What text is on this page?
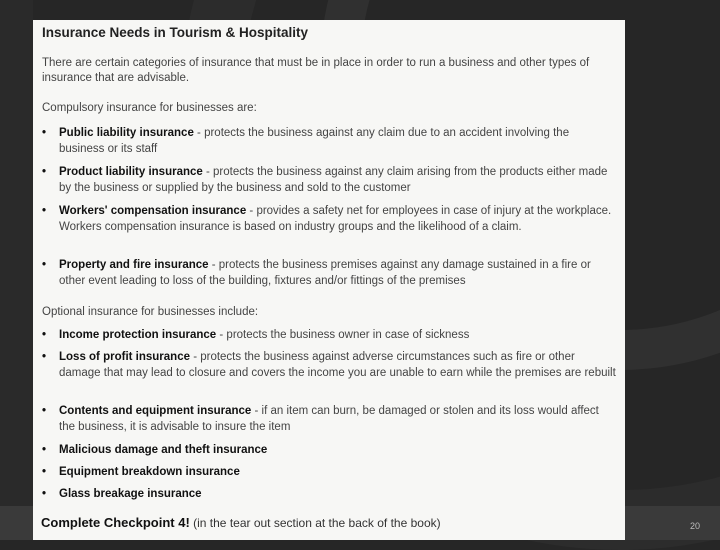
Insurance Needs in Tourism & Hospitality
There are certain categories of insurance that must be in place in order to run a business and other types of insurance that are advisable.
Compulsory insurance for businesses are:
•	Public liability insurance - protects the business against any claim due to an accident involving the business or its staff
•	Product liability insurance - protects the business against any claim arising from the products either made by the business or supplied by the business and sold to the customer
•	Workers' compensation insurance - provides a safety net for employees in case of injury at the workplace. Workers compensation insurance is based on industry groups and the likelihood of a claim.
•	Property and fire insurance - protects the business premises against any damage sustained in a fire or other event leading to loss of the building, fixtures and/or fittings of the premises
Optional insurance for businesses include:
•	Income protection insurance - protects the business owner in case of sickness
•	Loss of profit insurance - protects the business against adverse circumstances such as fire or other damage that may lead to closure and covers the income you are unable to earn while the premises are rebuilt
•	Contents and equipment insurance - if an item can burn, be damaged or stolen and its loss would affect the business, it is advisable to insure the item
•	Malicious damage and theft insurance
•	Equipment breakdown insurance
•	Glass breakage insurance
Complete Checkpoint 4! (in the tear out section at the back of the book)	20
